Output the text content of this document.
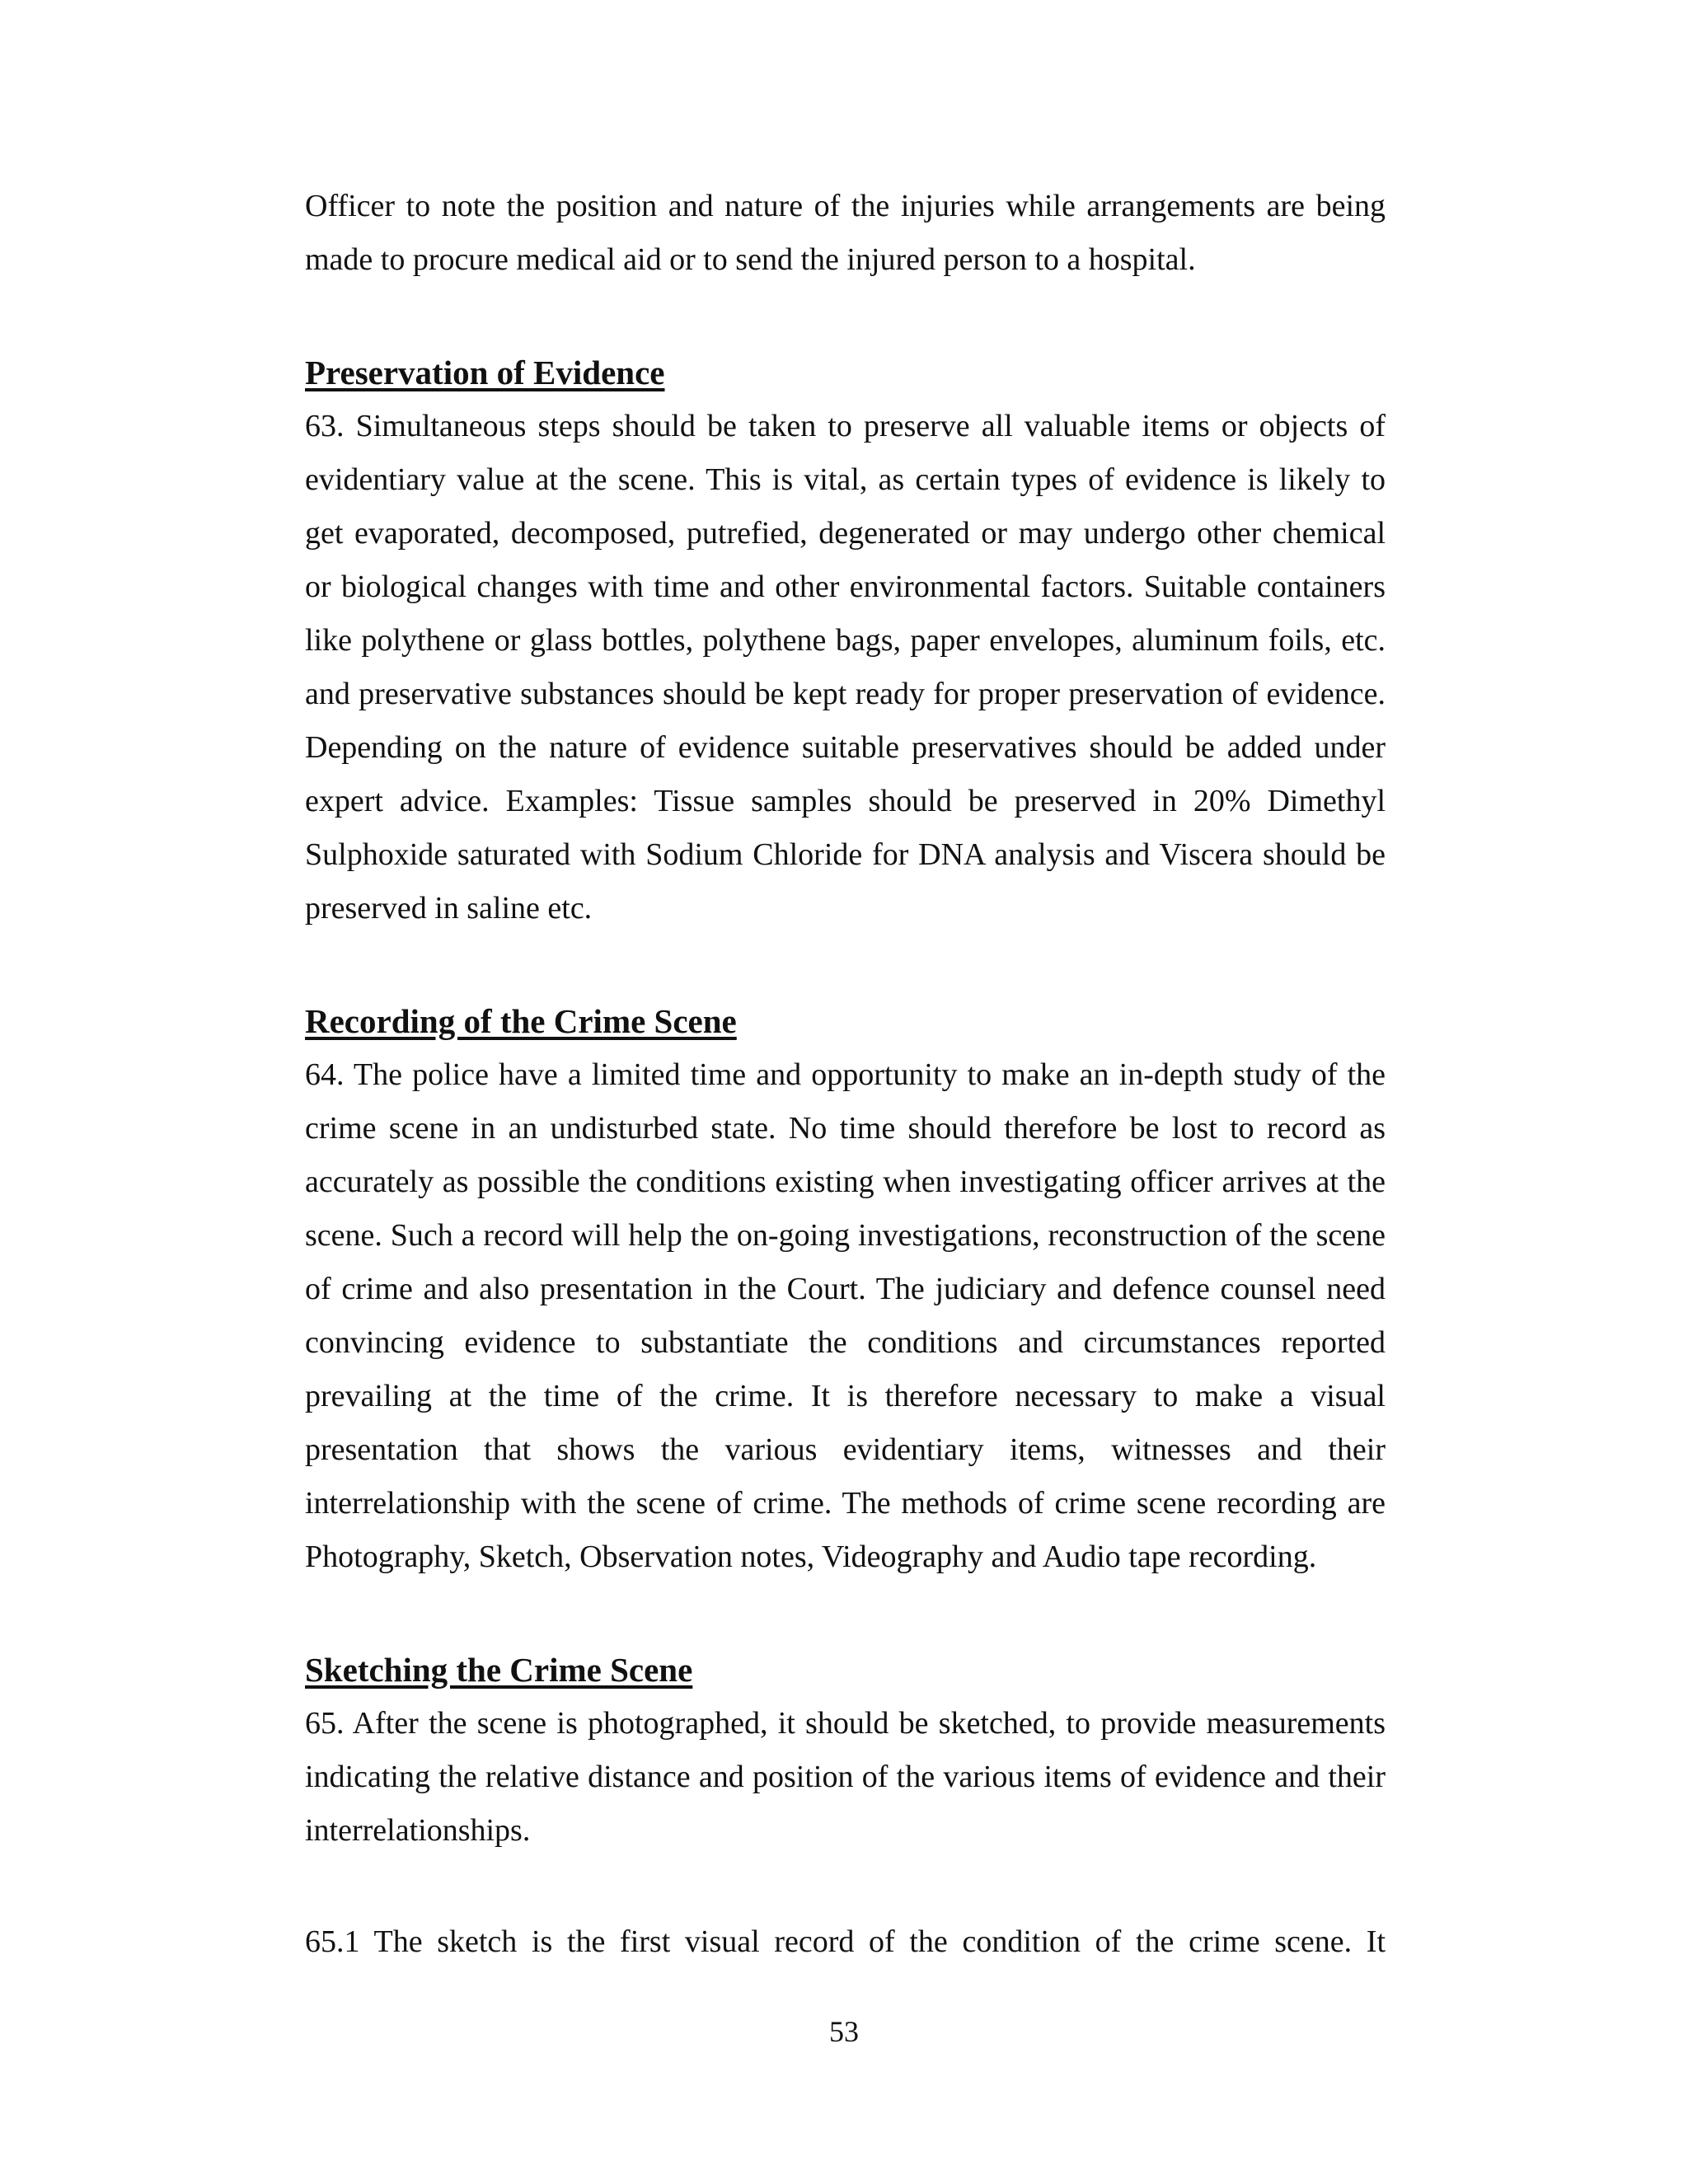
Officer to note the position and nature of the injuries while arrangements are being made to procure medical aid or to send the injured person to a hospital.

Preservation of Evidence

63. Simultaneous steps should be taken to preserve all valuable items or objects of evidentiary value at the scene. This is vital, as certain types of evidence is likely to get evaporated, decomposed, putrefied, degenerated or may undergo other chemical or biological changes with time and other environmental factors. Suitable containers like polythene or glass bottles, polythene bags, paper envelopes, aluminum foils, etc. and preservative substances should be kept ready for proper preservation of evidence. Depending on the nature of evidence suitable preservatives should be added under expert advice. Examples: Tissue samples should be preserved in 20% Dimethyl Sulphoxide saturated with Sodium Chloride for DNA analysis and Viscera should be preserved in saline etc.

Recording of the Crime Scene

64. The police have a limited time and opportunity to make an in-depth study of the crime scene in an undisturbed state. No time should therefore be lost to record as accurately as possible the conditions existing when investigating officer arrives at the scene. Such a record will help the on-going investigations, reconstruction of the scene of crime and also presentation in the Court. The judiciary and defence counsel need convincing evidence to substantiate the conditions and circumstances reported prevailing at the time of the crime. It is therefore necessary to make a visual presentation that shows the various evidentiary items, witnesses and their interrelationship with the scene of crime. The methods of crime scene recording are Photography, Sketch, Observation notes, Videography and Audio tape recording.

Sketching the Crime Scene

65. After the scene is photographed, it should be sketched, to provide measurements indicating the relative distance and position of the various items of evidence and their interrelationships.

65.1 The sketch is the first visual record of the condition of the crime scene. It

53
